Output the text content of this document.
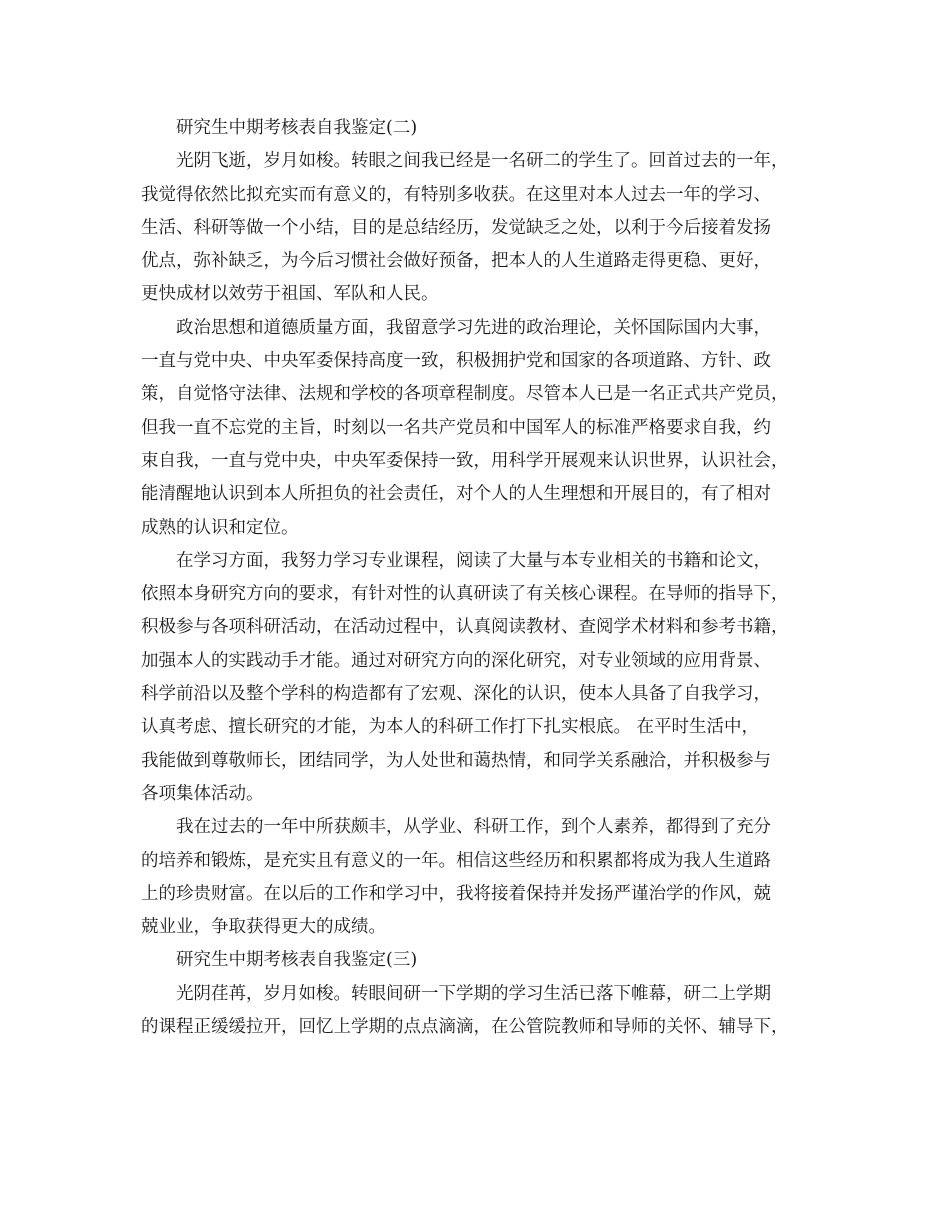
研究生中期考核表自我鉴定(二)
光阴飞逝，岁月如梭。转眼之间我已经是一名研二的学生了。回首过去的一年，
我觉得依然比拟充实而有意义的，有特别多收获。在这里对本人过去一年的学习、
生活、科研等做一个小结，目的是总结经历，发觉缺乏之处，以利于今后接着发扬
优点，弥补缺乏，为今后习惯社会做好预备，把本人的人生道路走得更稳、更好，
更快成材以效劳于祖国、军队和人民。
政治思想和道德质量方面，我留意学习先进的政治理论，关怀国际国内大事，
一直与党中央、中央军委保持高度一致，积极拥护党和国家的各项道路、方针、政
策，自觉恪守法律、法规和学校的各项章程制度。尽管本人已是一名正式共产党员，
但我一直不忘党的主旨，时刻以一名共产党员和中国军人的标准严格要求自我，约
束自我，一直与党中央，中央军委保持一致，用科学开展观来认识世界，认识社会，
能清醒地认识到本人所担负的社会责任，对个人的人生理想和开展目的，有了相对
成熟的认识和定位。
在学习方面，我努力学习专业课程，阅读了大量与本专业相关的书籍和论文，
依照本身研究方向的要求，有针对性的认真研读了有关核心课程。在导师的指导下，
积极参与各项科研活动，在活动过程中，认真阅读教材、查阅学术材料和参考书籍，
加强本人的实践动手才能。通过对研究方向的深化研究，对专业领域的应用背景、
科学前沿以及整个学科的构造都有了宏观、深化的认识，使本人具备了自我学习，
认真考虑、擅长研究的才能，为本人的科研工作打下扎实根底。 在平时生活中，
我能做到尊敬师长，团结同学，为人处世和蔼热情，和同学关系融洽，并积极参与
各项集体活动。
我在过去的一年中所获颇丰，从学业、科研工作，到个人素养，都得到了充分
的培养和锻炼，是充实且有意义的一年。相信这些经历和积累都将成为我人生道路
上的珍贵财富。在以后的工作和学习中，我将接着保持并发扬严谨治学的作风，兢
兢业业，争取获得更大的成绩。
研究生中期考核表自我鉴定(三)
光阴荏苒，岁月如梭。转眼间研一下学期的学习生活已落下帷幕，研二上学期
的课程正缓缓拉开，回忆上学期的点点滴滴，在公管院教师和导师的关怀、辅导下，
